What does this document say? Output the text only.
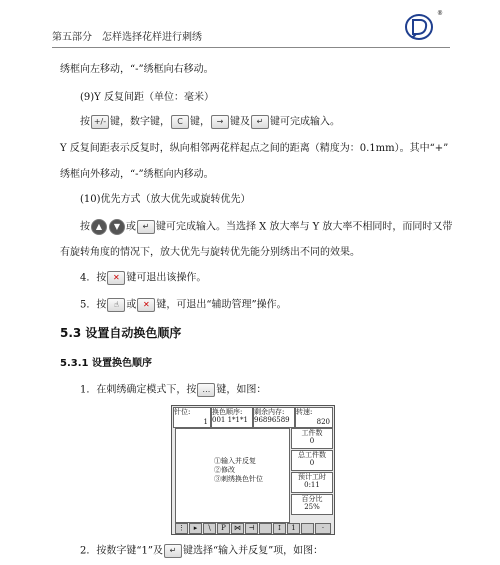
第五部分　怎样选择花样进行刺绣
®
绣框向左移动，“-”绣框向右移动。
(9)Y 反复间距（单位：毫米）
按 +/- 键，数字键， C 键， → 键及 ↵ 键可完成输入。
Y 反复间距表示反复时，纵向相邻两花样起点之间的距离（精度为：0.1mm）。其中“+”
绣框向外移动，“-”绣框向内移动。
(10)优先方式（放大优先或旋转优先）
按 ▲ ▼ 或 ↵ 键可完成输入。当选择 X 放大率与 Y 放大率不相同时，而同时又带
有旋转角度的情况下，放大优先与旋转优先能分别绣出不同的效果。
4．按 ✕ 键可退出该操作。
5．按 ☝ 或 ✕ 键，可退出“辅助管理”操作。
5.3 设置自动换色顺序
5.3.1 设置换色顺序
1．在刺绣确定模式下，按 … 键，如图：
针位:
1
换色顺序:
001 1*1*1
剩余内存:
96896589
转速:
820
①输入并反复
②修改
③刺绣换色针位
工件数
0
总工件数
0
预计工时
0:11
百分比
25%
⋮	▸	\	P	⋈	⊣	↕	1	·
2．按数字键“1”及 ↵ 键选择“输入并反复”项，如图：
